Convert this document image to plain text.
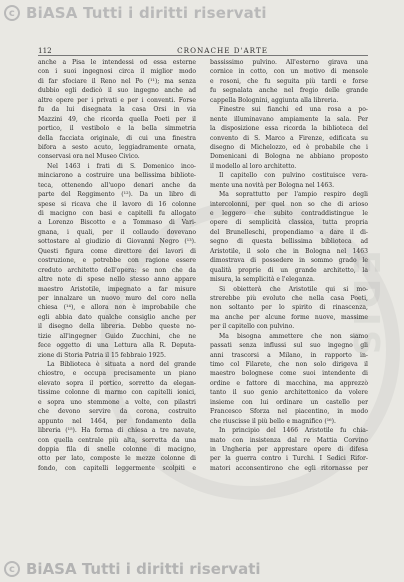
EDIS
c BiASA Tutti i diritti riservati
112	CRONACHE D'ARTE
anche a Pisa le intendessi od essa esterne
con i suoi ingegnosi circa il miglior modo
di far sfociare il Reno nel Po (¹¹); ma senza
dubbio egli dedicò il suo ingegno anche ad
altre opere per i privati e per i conventi. Forse
fu da lui disegnata la casa Orsi in via
Mazzini 49, che ricorda quella Poeti per il
portico, il vestibolo e la bella simmetria
della facciata originale, di cui una finestra
bifora a sesto acuto, leggiadramente ornata,
conservasi ora nel Museo Civico.
Nel 1463 i frati di S. Domenico inco-
minciarono a costruire una bellissima bibliote-
teca, ottenendo all'uopo denari anche da
parte del Reggimento (¹²). Da un libro di
spese si ricava che il lavoro di 16 colonne
di macigno con basi e capitelli fu allogato
a Lorenzo Biscotto e a Tommaso di Vari-
gnana, i quali, per il collaudo dovevano
sottostare al giudizio di Giovanni Negro (¹³).
Questi figura come direttore dei lavori di
costruzione, e potrebbe con ragione essere
creduto architetto dell'opera: se non che da
altre note di spese nello stesso anno appare
maestro Aristotile, impegnato a far misure
per innalzare un nuovo muro del coro nella
chiesa (¹⁴), e allora non è improbabile che
egli abbia dato qualche consiglio anche per
il disegno della libreria. Debbo queste no-
tizie all'ingegner Guido Zucchini, che ne
fece oggetto di una Lettura alla R. Deputa-
zione di Storia Patria il 15 febbraio 1925.
La Biblioteca è situata a nord del grande
chiostro, e occupa precisamente un piano
elevato sopra il portico, sorretto da elegan-
tissime colonne di marmo con capitelli ionici,
e sopra uno stemmone a volte, con pilastri
che devono servire da corona, costruito
appunto nel 1464, per fondamento della
libreria (¹⁵). Ha forma di chiesa a tre navate,
con quella centrale più alta, sorretta da una
doppia fila di snelle colonne di macigno,
otto per lato, composte le mezze colonne di
fondo, con capitelli leggermente scolpiti e
bassissimo pulvino. All'esterno girava una
cornice in cotto, con un motivo di mensole
e rosoni, che fu seguita più tardi e forse
fu segnalata anche nel fregio delle grande
cappella Bolognini, aggiunta alla libreria.
Finestre sui fianchi ed una rosa a po-
nente illuminavano ampiamente la sala. Per
la disposizione essa ricorda la biblioteca del
convento di S. Marco a Firenze, edificata su
disegno di Michelozzo, ed è probabile che i
Domenicani di Bologna ne abbiano proposto
il modello al loro architetto.
Il capitello con pulvino costituisce vera-
mente una novità per Bologna nel 1463.
Ma soprattutto per l'ampio respiro degli
intercolonni, per quel non so che di arioso
e leggero che subito contraddistingue le
opere di semplicità classica, tutta propria
del Brunelleschi, propendiamo a dare il di-
segno di questa bellissima biblioteca ad
Aristotile, il solo che in Bologna nel 1463
dimostrava di possedere in sommo grado le
qualità proprie di un grande architetto, la
misura, la semplicità e l'eleganza.
Si obietterà che Aristotile qui si mo-
strerebbe più evoluto che nella casa Poeti,
non soltanto per lo spirito di rinascenza,
ma anche per alcune forme nuove, massime
per il capitello con pulvino.
Ma bisogna ammettere che non siamo
passati senza influssi sul suo ingegno gli
anni trascorsi a Milano, in rapporto in-
timo col Filarete, che non solo dirigeva il
maestro bolognese come suoi intendente di
ordine e fattore di macchina, ma apprezzò
tanto il suo genio architettonico da volere
insieme con lui ordinare un castello per
Francesco Sforza nel piacentino, in modo
che riuscisse il più bello e magnifico (¹⁶).
In principio del 1466 Aristotile fu chia-
mato con insistenza dal re Mattia Corvino
in Ungheria per apprestare opere di difesa
per la guerra contro i Turchi. I Sedici Rifor-
matori acconsentirono che egli ritornasse per
c BiASA Tutti i diritti riservati
